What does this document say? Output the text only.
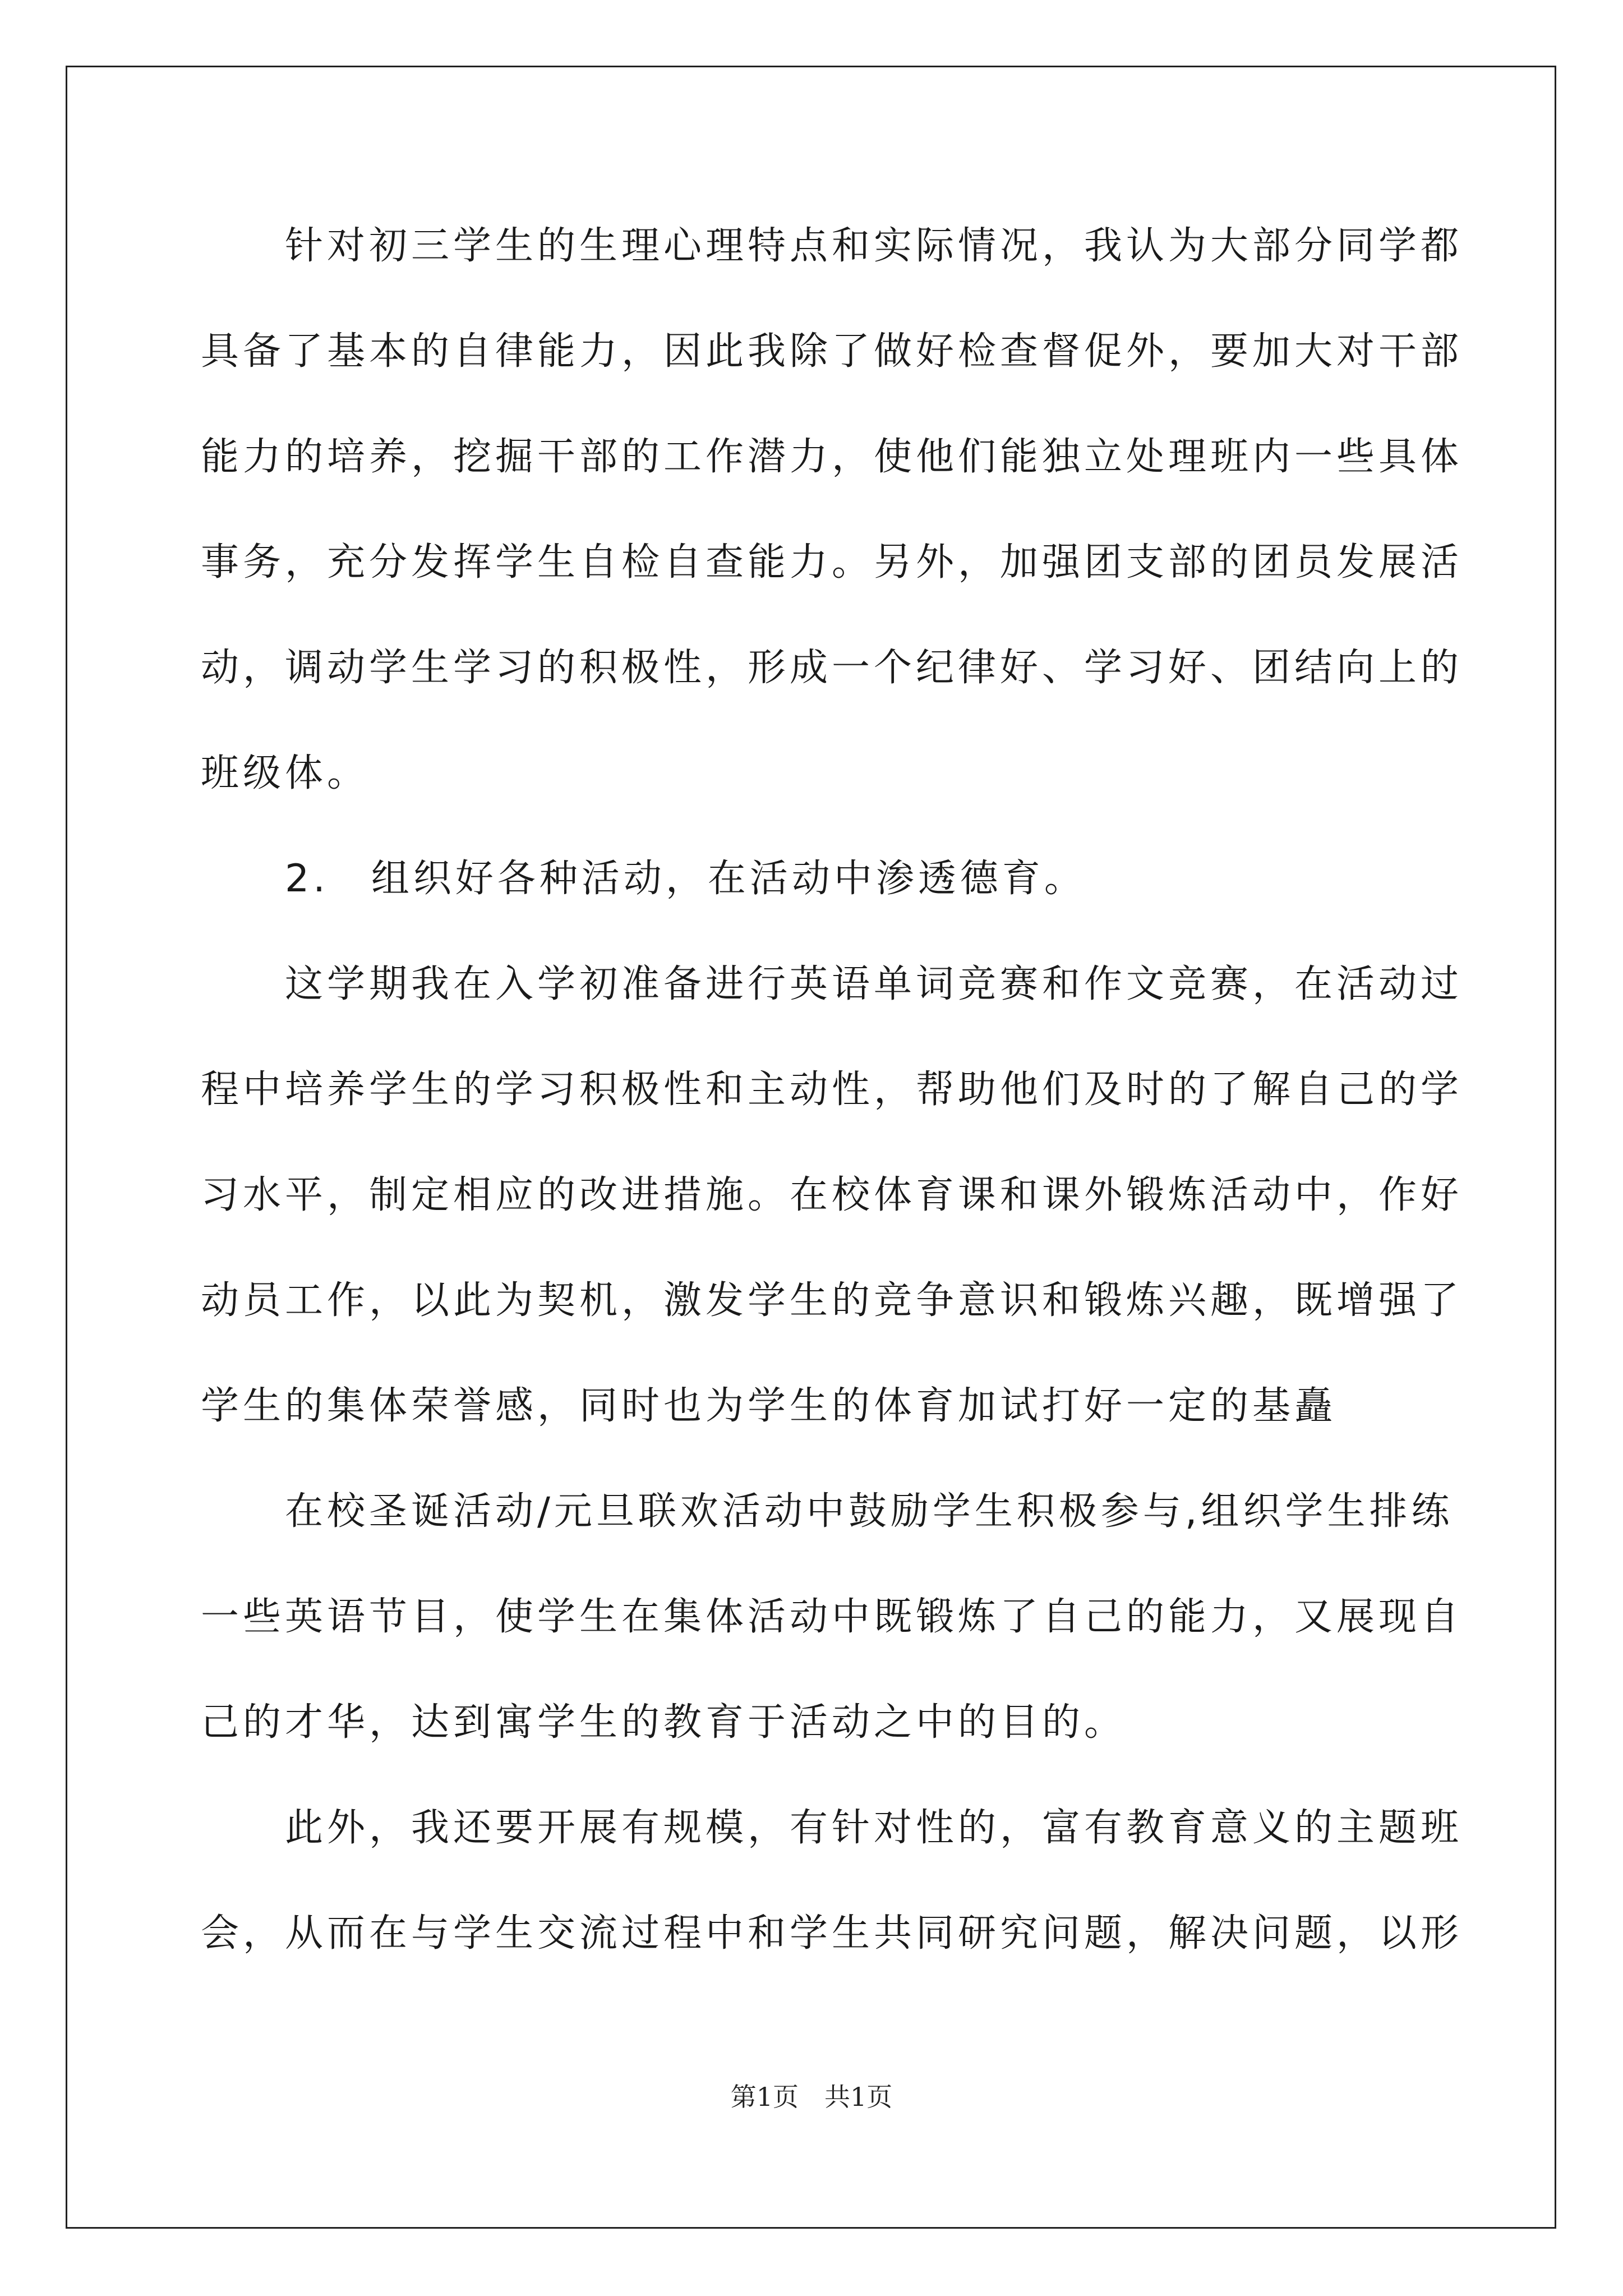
　　针对初三学生的生理心理特点和实际情况，我认为大部分同学都
具备了基本的自律能力，因此我除了做好检查督促外，要加大对干部
能力的培养，挖掘干部的工作潜力，使他们能独立处理班内一些具体
事务，充分发挥学生自检自查能力。另外，加强团支部的团员发展活
动，调动学生学习的积极性，形成一个纪律好、学习好、团结向上的
班级体。
　　2.　组织好各种活动，在活动中渗透德育。
　　这学期我在入学初准备进行英语单词竞赛和作文竞赛，在活动过
程中培养学生的学习积极性和主动性，帮助他们及时的了解自己的学
习水平，制定相应的改进措施。在校体育课和课外锻炼活动中，作好
动员工作，以此为契机，激发学生的竞争意识和锻炼兴趣，既增强了
学生的集体荣誉感，同时也为学生的体育加试打好一定的基矗
　　在校圣诞活动/元旦联欢活动中鼓励学生积极参与,组织学生排练
一些英语节目，使学生在集体活动中既锻炼了自己的能力，又展现自
己的才华，达到寓学生的教育于活动之中的目的。
　　此外，我还要开展有规模，有针对性的，富有教育意义的主题班
会，从而在与学生交流过程中和学生共同研究问题，解决问题，以形
第1页　共1页
